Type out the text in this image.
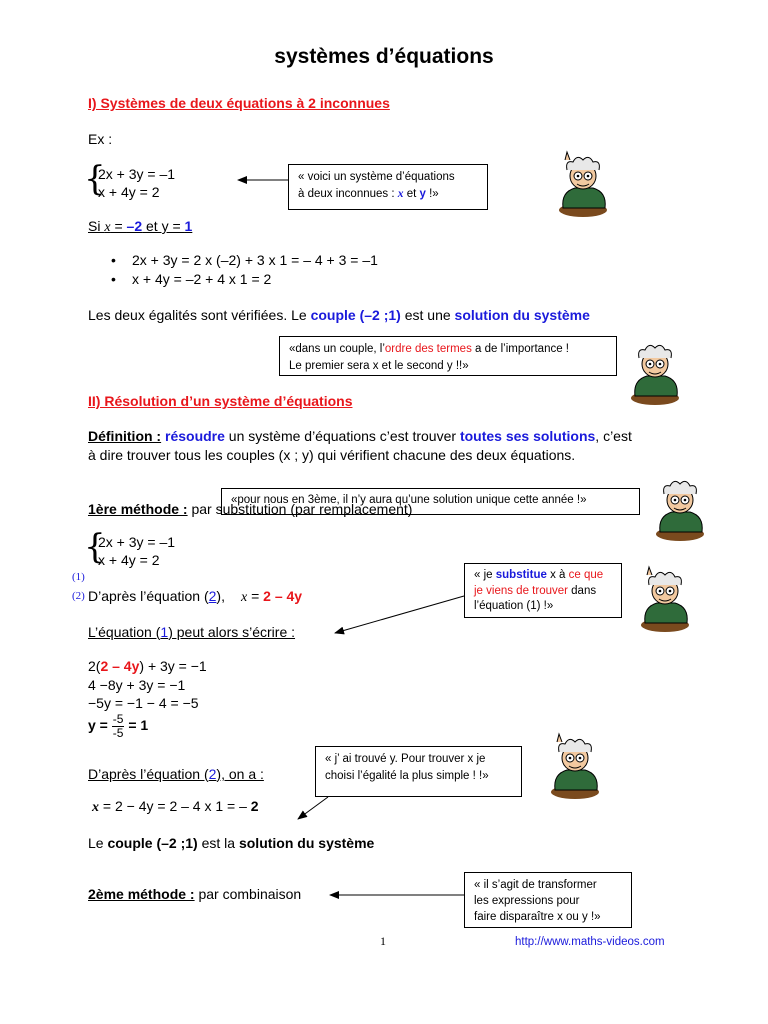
systèmes d’équations
I) Systèmes de deux équations à 2 inconnues
Ex :
{
2x + 3y = –1
x + 4y = 2
« voici un système d’équations
à deux inconnues : x et y !»
Si x = –2 et y = 1
• 2x + 3y = 2 x (–2) + 3 x 1 = – 4 + 3 = –1
• x + 4y = –2 + 4 x 1 = 2
Les deux égalités sont vérifiées. Le couple (–2 ;1) est une solution du système
«dans un couple, l’ordre des termes a de l’importance !
Le premier sera x et le second y !!»
II) Résolution d’un système d’équations
Définition : résoudre un système d’équations c’est trouver toutes ses solutions, c’est
à dire trouver tous les couples (x ; y) qui vérifient chacune des deux équations.
1ère méthode : par substitution (par remplacement)
«pour nous en 3ème, il n’y aura qu’une solution unique cette année !»
{
2x + 3y = –1
x + 4y = 2
(1)
(2) D’après l’équation (2), x = 2 – 4y
« je substitue x à ce que
je viens de trouver dans
l’équation (1) !»
L’équation (1) peut alors s’écrire :
2(2 – 4y) + 3y = −1
4 −8y + 3y = −1
−5y = −1 − 4 = −5
$y = \frac{-5}{-5} = 1$
« j’ ai trouvé y. Pour trouver x je
choisi l’égalité la plus simple ! !»
D’après l’équation (2), on a :
x = 2 − 4y = 2 – 4 x 1 = – 2
Le couple (–2 ;1) est la solution du système
2ème méthode : par combinaison
« il s’agit de transformer
les expressions pour
faire disparaître x ou y !»
1	http://www.maths-videos.com
